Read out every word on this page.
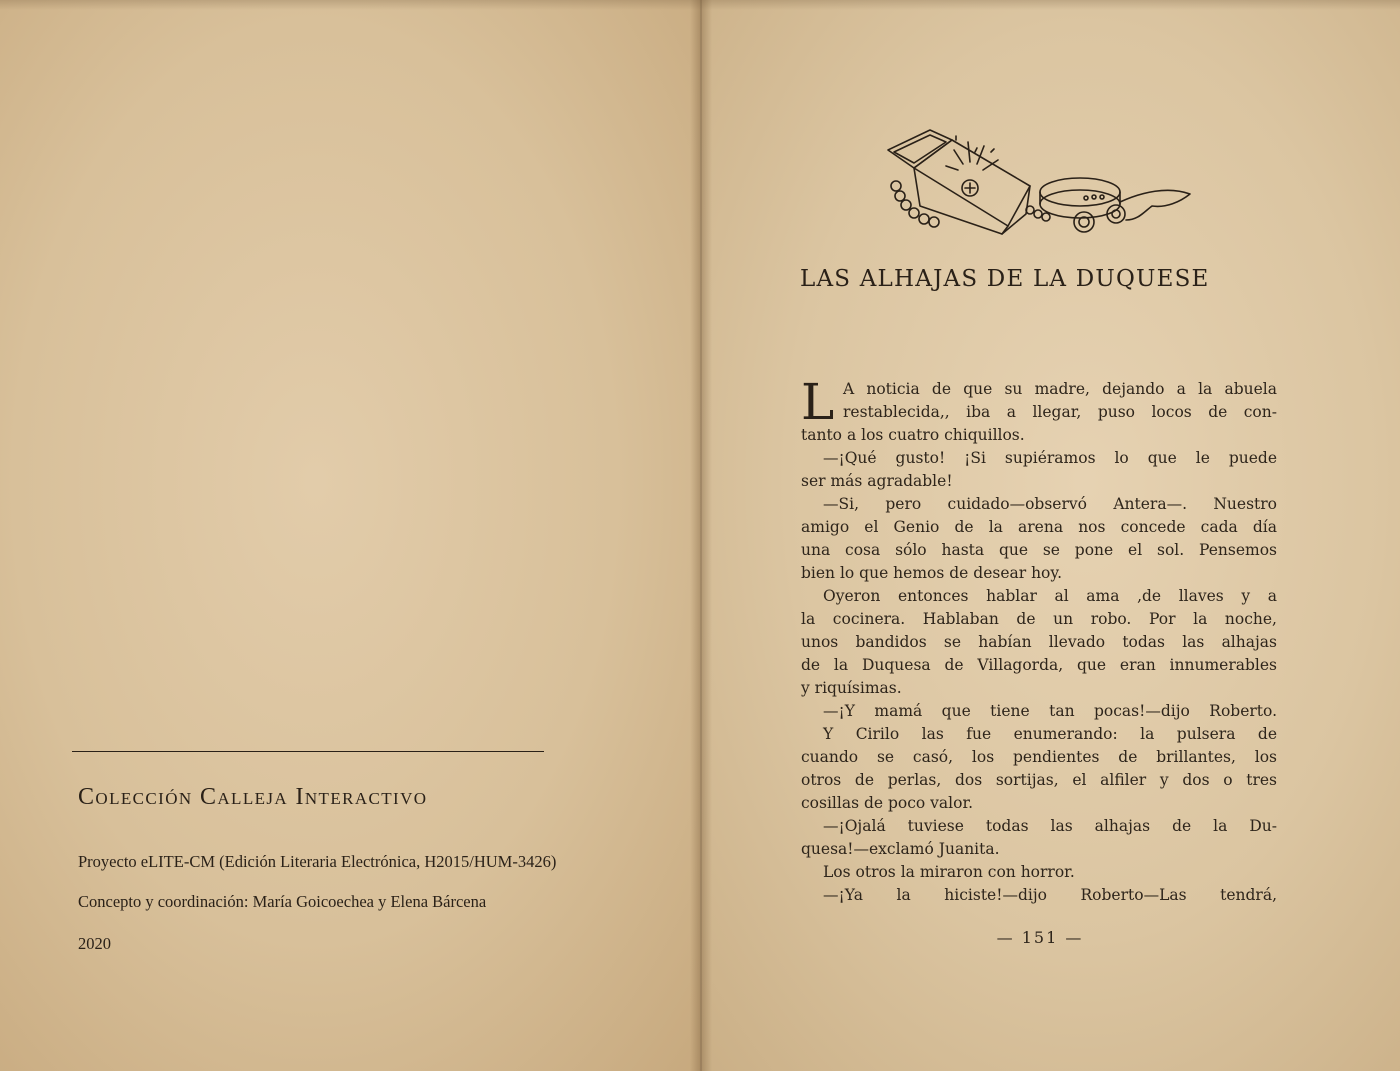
Colección Calleja Interactivo
Proyecto eLITE-CM (Edición Literaria Electrónica, H2015/HUM-3426)
Concepto y coordinación: María Goicoechea y Elena Bárcena
2020
LAS ALHAJAS DE LA DUQUESE
L A noticia de que su madre, dejando a la abuela
restablecida,, iba a llegar, puso locos de con-
tanto a los cuatro chiquillos.
—¡Qué gusto! ¡Si supiéramos lo que le puede
ser más agradable!
—Si, pero cuidado—observó Antera—. Nuestro
amigo el Genio de la arena nos concede cada día
una cosa sólo hasta que se pone el sol. Pensemos
bien lo que hemos de desear hoy.
Oyeron entonces hablar al ama ,de llaves y a
la cocinera. Hablaban de un robo. Por la noche,
unos bandidos se habían llevado todas las alhajas
de la Duquesa de Villagorda, que eran innumerables
y riquísimas.
—¡Y mamá que tiene tan pocas!—dijo Roberto.
Y Cirilo las fue enumerando: la pulsera de
cuando se casó, los pendientes de brillantes, los
otros de perlas, dos sortijas, el alfiler y dos o tres
cosillas de poco valor.
—¡Ojalá tuviese todas las alhajas de la Du-
quesa!—exclamó Juanita.
Los otros la miraron con horror.
—¡Ya la hiciste!—dijo Roberto—Las tendrá,
— 151 —
